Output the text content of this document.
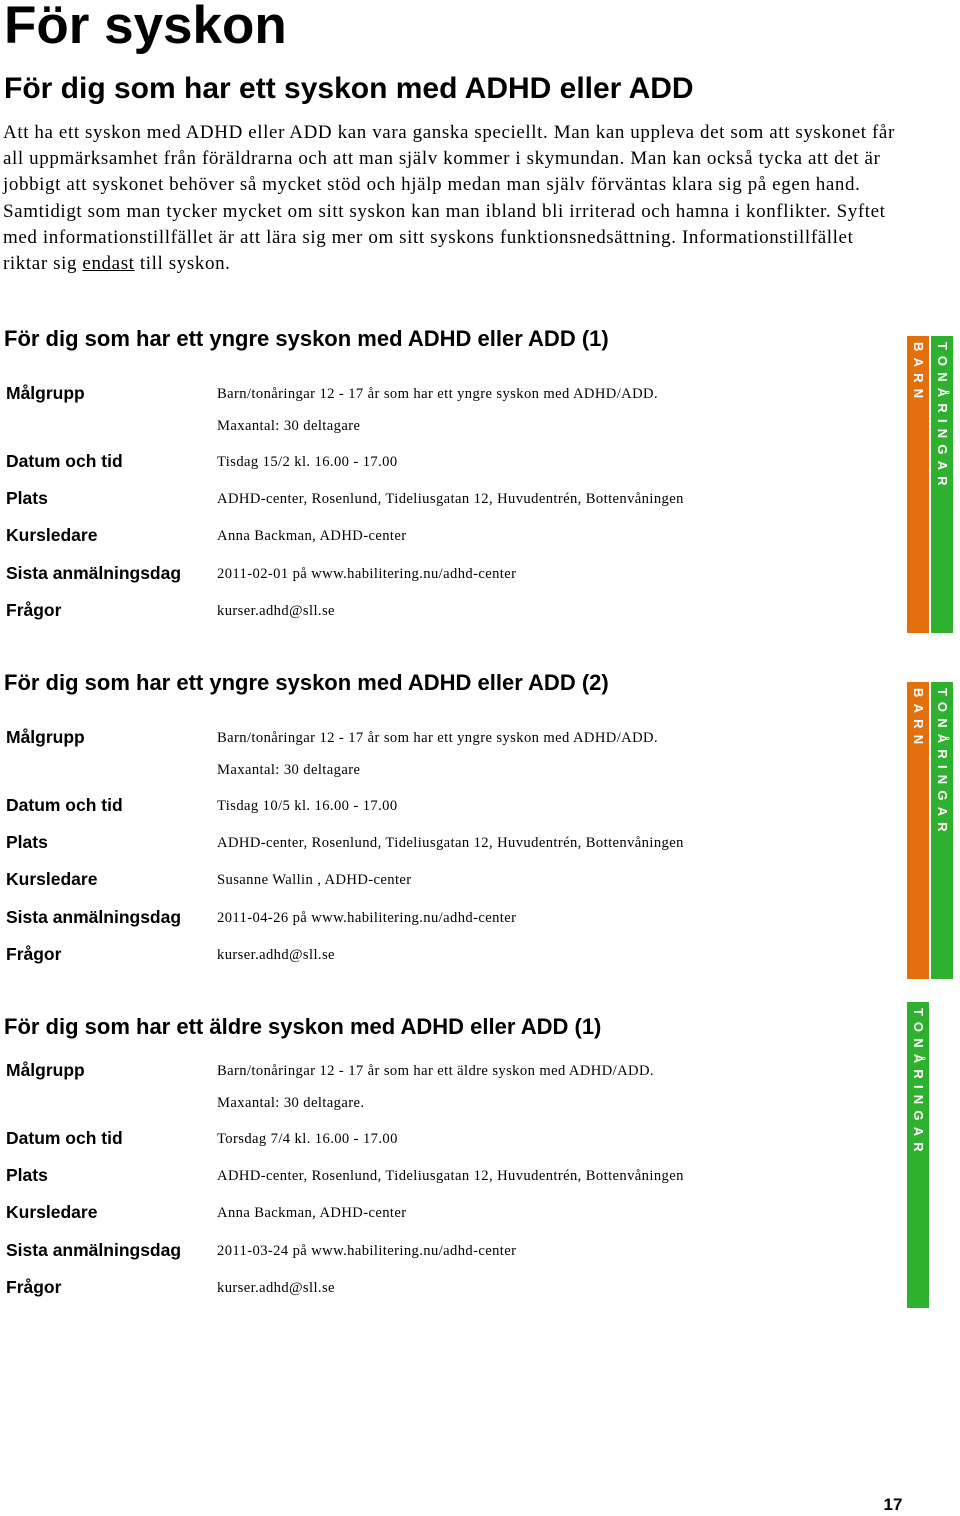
För syskon
För dig som har ett syskon med ADHD eller ADD

Att ha ett syskon med ADHD eller ADD kan vara ganska speciellt. Man kan uppleva det som att syskonet får all uppmärksamhet från föräldrarna och att man själv kommer i skymundan. Man kan också tycka att det är jobbigt att syskonet behöver så mycket stöd och hjälp medan man själv förväntas klara sig på egen hand. Samtidigt som man tycker mycket om sitt syskon kan man ibland bli irriterad och hamna i konflikter. Syftet med informationstillfället är att lära sig mer om sitt syskons funktionsnedsättning. Informationstillfället riktar sig endast till syskon.

För dig som har ett yngre syskon med ADHD eller ADD (1)
Målgrupp	Barn/tonåringar 12 - 17 år som har ett yngre syskon med ADHD/ADD.
Maxantal: 30 deltagare
Datum och tid	Tisdag 15/2 kl. 16.00 - 17.00
Plats	ADHD-center, Rosenlund, Tideliusgatan 12, Huvudentrén, Bottenvåningen
Kursledare	Anna Backman, ADHD-center
Sista anmälningsdag 2011-02-01 på www.habilitering.nu/adhd-center
Frågor	kurser.adhd@sll.se
BARN TONÅRINGAR
För dig som har ett yngre syskon med ADHD eller ADD (2)
Målgrupp	Barn/tonåringar 12 - 17 år som har ett yngre syskon med ADHD/ADD.
Maxantal: 30 deltagare
Datum och tid	Tisdag 10/5 kl. 16.00 - 17.00
Plats	ADHD-center, Rosenlund, Tideliusgatan 12, Huvudentrén, Bottenvåningen
Kursledare	Susanne Wallin , ADHD-center
Sista anmälningsdag 2011-04-26 på www.habilitering.nu/adhd-center
Frågor	kurser.adhd@sll.se
BARN TONÅRINGAR
För dig som har ett äldre syskon med ADHD eller ADD (1)
Målgrupp	Barn/tonåringar 12 - 17 år som har ett äldre syskon med ADHD/ADD.
Maxantal: 30 deltagare.
Datum och tid	Torsdag 7/4 kl. 16.00 - 17.00
Plats	ADHD-center, Rosenlund, Tideliusgatan 12, Huvudentrén, Bottenvåningen
Kursledare	Anna Backman, ADHD-center
Sista anmälningsdag 2011-03-24 på www.habilitering.nu/adhd-center
Frågor	kurser.adhd@sll.se
TONÅRINGAR
17
